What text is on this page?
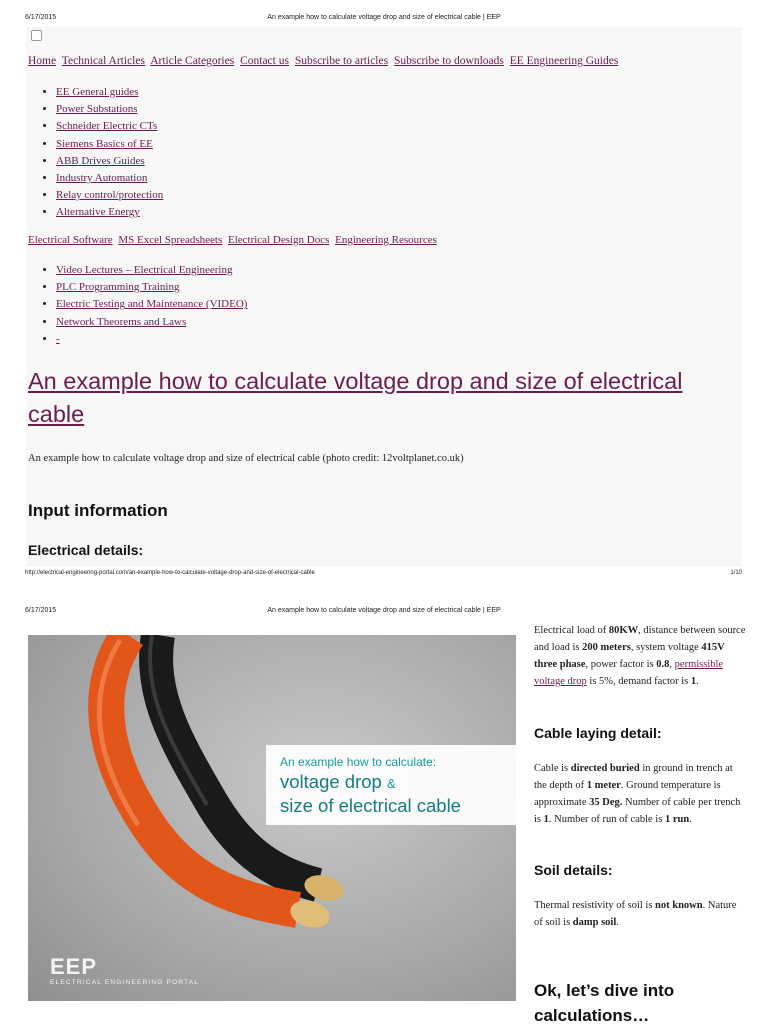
6/17/2015	An example how to calculate voltage drop and size of electrical cable | EEP
Home Technical Articles Article Categories Contact us Subscribe to articles Subscribe to downloads EE Engineering Guides
• EE General guides
• Power Substations
• Schneider Electric CTs
• Siemens Basics of EE
• ABB Drives Guides
• Industry Automation
• Relay control/protection
• Alternative Energy
Electrical Software MS Excel Spreadsheets Electrical Design Docs Engineering Resources
• Video Lectures – Electrical Engineering
• PLC Programming Training
• Electric Testing and Maintenance (VIDEO)
• Network Theorems and Laws
• -
An example how to calculate voltage drop and size of electrical cable
An example how to calculate voltage drop and size of electrical cable (photo credit: 12voltplanet.co.uk)
Input information
Electrical details:
http://electrical-engineering-portal.com/an-example-how-to-calculate-voltage-drop-and-size-of-electrical-cable	1/10
6/17/2015	An example how to calculate voltage drop and size of electrical cable | EEP
An example how to calculate:
voltage drop &
size of electrical cable
EEP
ELECTRICAL ENGINEERING PORTAL
Electrical load of 80KW, distance between source and load is 200 meters, system voltage 415V three phase, power factor is 0.8, permissible voltage drop is 5%, demand factor is 1.
Cable laying detail:
Cable is directed buried in ground in trench at the depth of 1 meter. Ground temperature is approximate 35 Deg. Number of cable per trench is 1. Number of run of cable is 1 run.
Soil details:
Thermal resistivity of soil is not known. Nature of soil is damp soil.
Ok, let’s dive into calculations…
